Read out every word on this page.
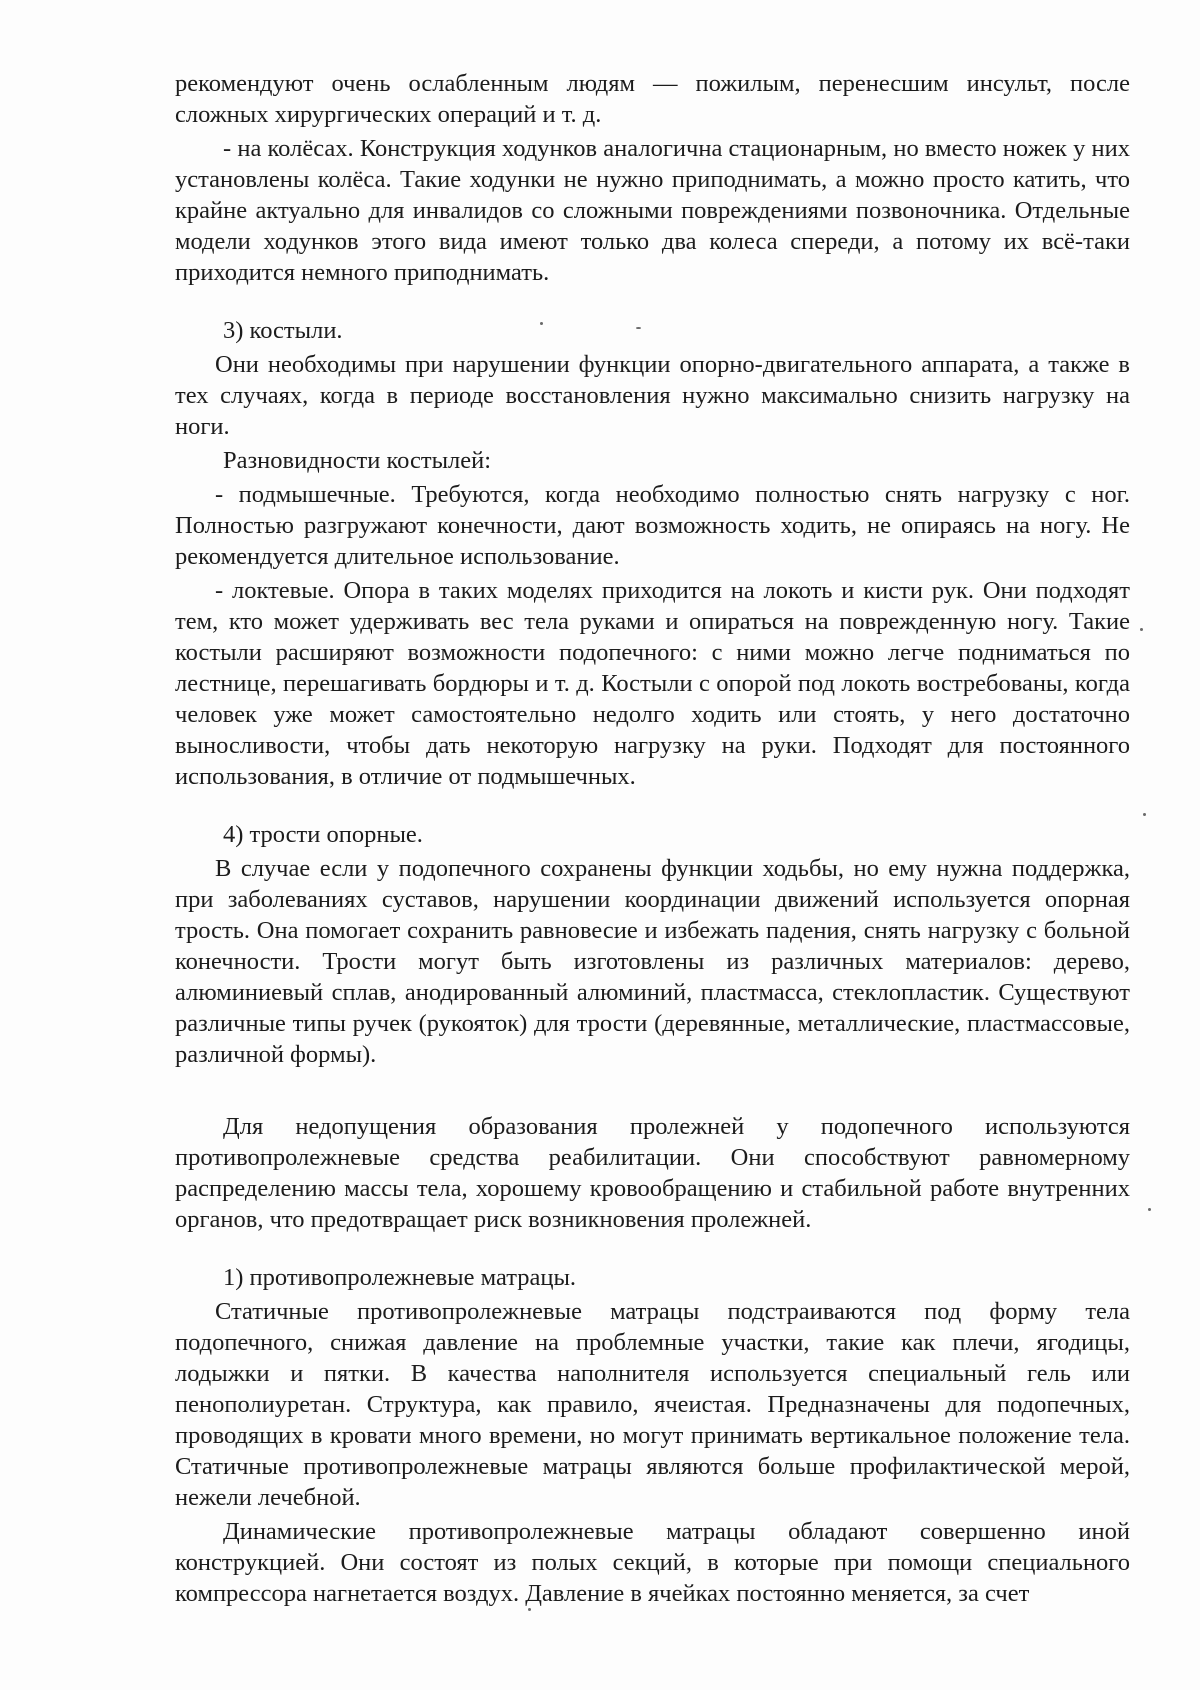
рекомендуют очень ослабленным людям — пожилым, перенесшим инсульт, после сложных хирургических операций и т. д.

- на колёсах. Конструкция ходунков аналогична стационарным, но вместо ножек у них установлены колёса. Такие ходунки не нужно приподнимать, а можно просто катить, что крайне актуально для инвалидов со сложными повреждениями позвоночника. Отдельные модели ходунков этого вида имеют только два колеса спереди, а потому их всё-таки приходится немного приподнимать.

3) костыли.

Они необходимы при нарушении функции опорно-двигательного аппарата, а также в тех случаях, когда в периоде восстановления нужно максимально снизить нагрузку на ноги.

Разновидности костылей:

- подмышечные. Требуются, когда необходимо полностью снять нагрузку с ног. Полностью разгружают конечности, дают возможность ходить, не опираясь на ногу. Не рекомендуется длительное использование.

- локтевые. Опора в таких моделях приходится на локоть и кисти рук. Они подходят тем, кто может удерживать вес тела руками и опираться на поврежденную ногу. Такие костыли расширяют возможности подопечного: с ними можно легче подниматься по лестнице, перешагивать бордюры и т. д. Костыли с опорой под локоть востребованы, когда человек уже может самостоятельно недолго ходить или стоять, у него достаточно выносливости, чтобы дать некоторую нагрузку на руки. Подходят для постоянного использования, в отличие от подмышечных.

4) трости опорные.

В случае если у подопечного сохранены функции ходьбы, но ему нужна поддержка, при заболеваниях суставов, нарушении координации движений используется опорная трость. Она помогает сохранить равновесие и избежать падения, снять нагрузку с больной конечности. Трости могут быть изготовлены из различных материалов: дерево, алюминиевый сплав, анодированный алюминий, пластмасса, стеклопластик. Существуют различные типы ручек (рукояток) для трости (деревянные, металлические, пластмассовые, различной формы).

Для недопущения образования пролежней у подопечного используются противопролежневые средства реабилитации. Они способствуют равномерному распределению массы тела, хорошему кровообращению и стабильной работе внутренних органов, что предотвращает риск возникновения пролежней.

1) противопролежневые матрацы.

Статичные противопролежневые матрацы подстраиваются под форму тела подопечного, снижая давление на проблемные участки, такие как плечи, ягодицы, лодыжки и пятки. В качества наполнителя используется специальный гель или пенополиуретан. Структура, как правило, ячеистая. Предназначены для подопечных, проводящих в кровати много времени, но могут принимать вертикальное положение тела. Статичные противопролежневые матрацы являются больше профилактической мерой, нежели лечебной.

Динамические противопролежневые матрацы обладают совершенно иной конструкцией. Они состоят из полых секций, в которые при помощи специального компрессора нагнетается воздух. Давление в ячейках постоянно меняется, за счет
